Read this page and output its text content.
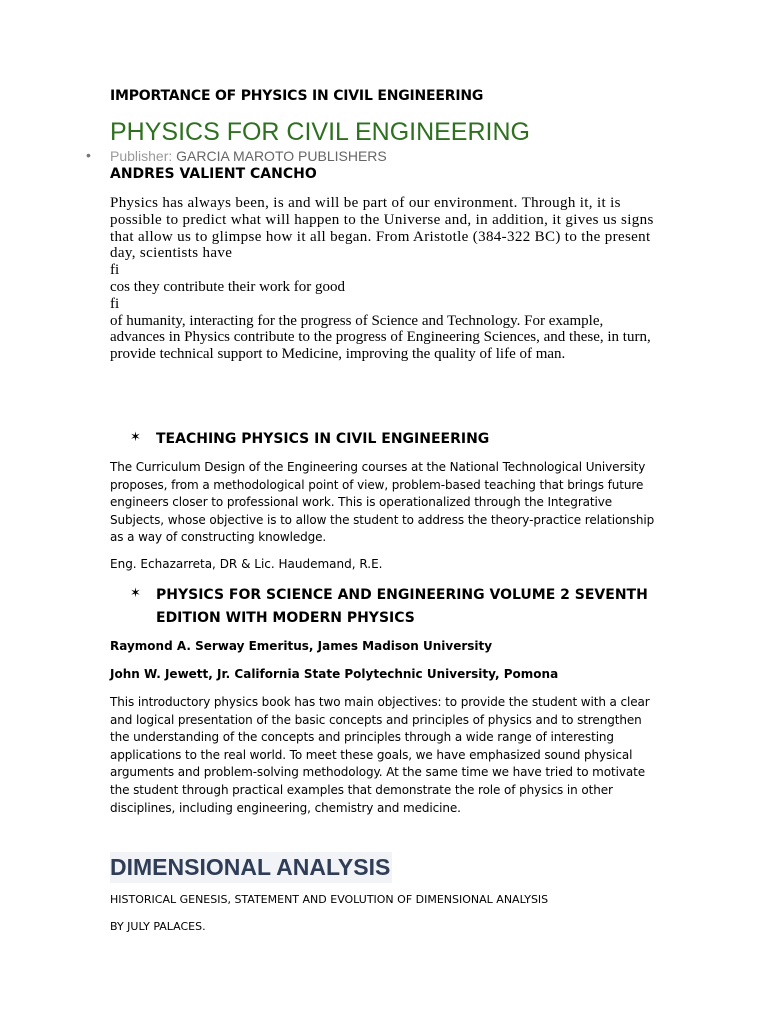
IMPORTANCE OF PHYSICS IN CIVIL ENGINEERING
PHYSICS FOR CIVIL ENGINEERING
• Publisher: GARCIA MAROTO PUBLISHERS
ANDRES VALIENT CANCHO

Physics has always been, is and will be part of our environment. Through it, it is possible to predict what will happen to the Universe and, in addition, it gives us signs that allow us to glimpse how it all began. From Aristotle (384-322 BC) to the present day, scientists have

fi

cos they contribute their work for good

fi

of humanity, interacting for the progress of Science and Technology. For example, advances in Physics contribute to the progress of Engineering Sciences, and these, in turn, provide technical support to Medicine, improving the quality of life of man.

✶ TEACHING PHYSICS IN CIVIL ENGINEERING

The Curriculum Design of the Engineering courses at the National Technological University proposes, from a methodological point of view, problem-based teaching that brings future engineers closer to professional work. This is operationalized through the Integrative Subjects, whose objective is to allow the student to address the theory-practice relationship as a way of constructing knowledge.

Eng. Echazarreta, DR & Lic. Haudemand, R.E.

✶ PHYSICS FOR SCIENCE AND ENGINEERING VOLUME 2 SEVENTH EDITION WITH MODERN PHYSICS

Raymond A. Serway Emeritus, James Madison University

John W. Jewett, Jr. California State Polytechnic University, Pomona

This introductory physics book has two main objectives: to provide the student with a clear and logical presentation of the basic concepts and principles of physics and to strengthen the understanding of the concepts and principles through a wide range of interesting applications to the real world. To meet these goals, we have emphasized sound physical arguments and problem-solving methodology. At the same time we have tried to motivate the student through practical examples that demonstrate the role of physics in other disciplines, including engineering, chemistry and medicine.

DIMENSIONAL ANALYSIS

HISTORICAL GENESIS, STATEMENT AND EVOLUTION OF DIMENSIONAL ANALYSIS

BY JULY PALACES.
